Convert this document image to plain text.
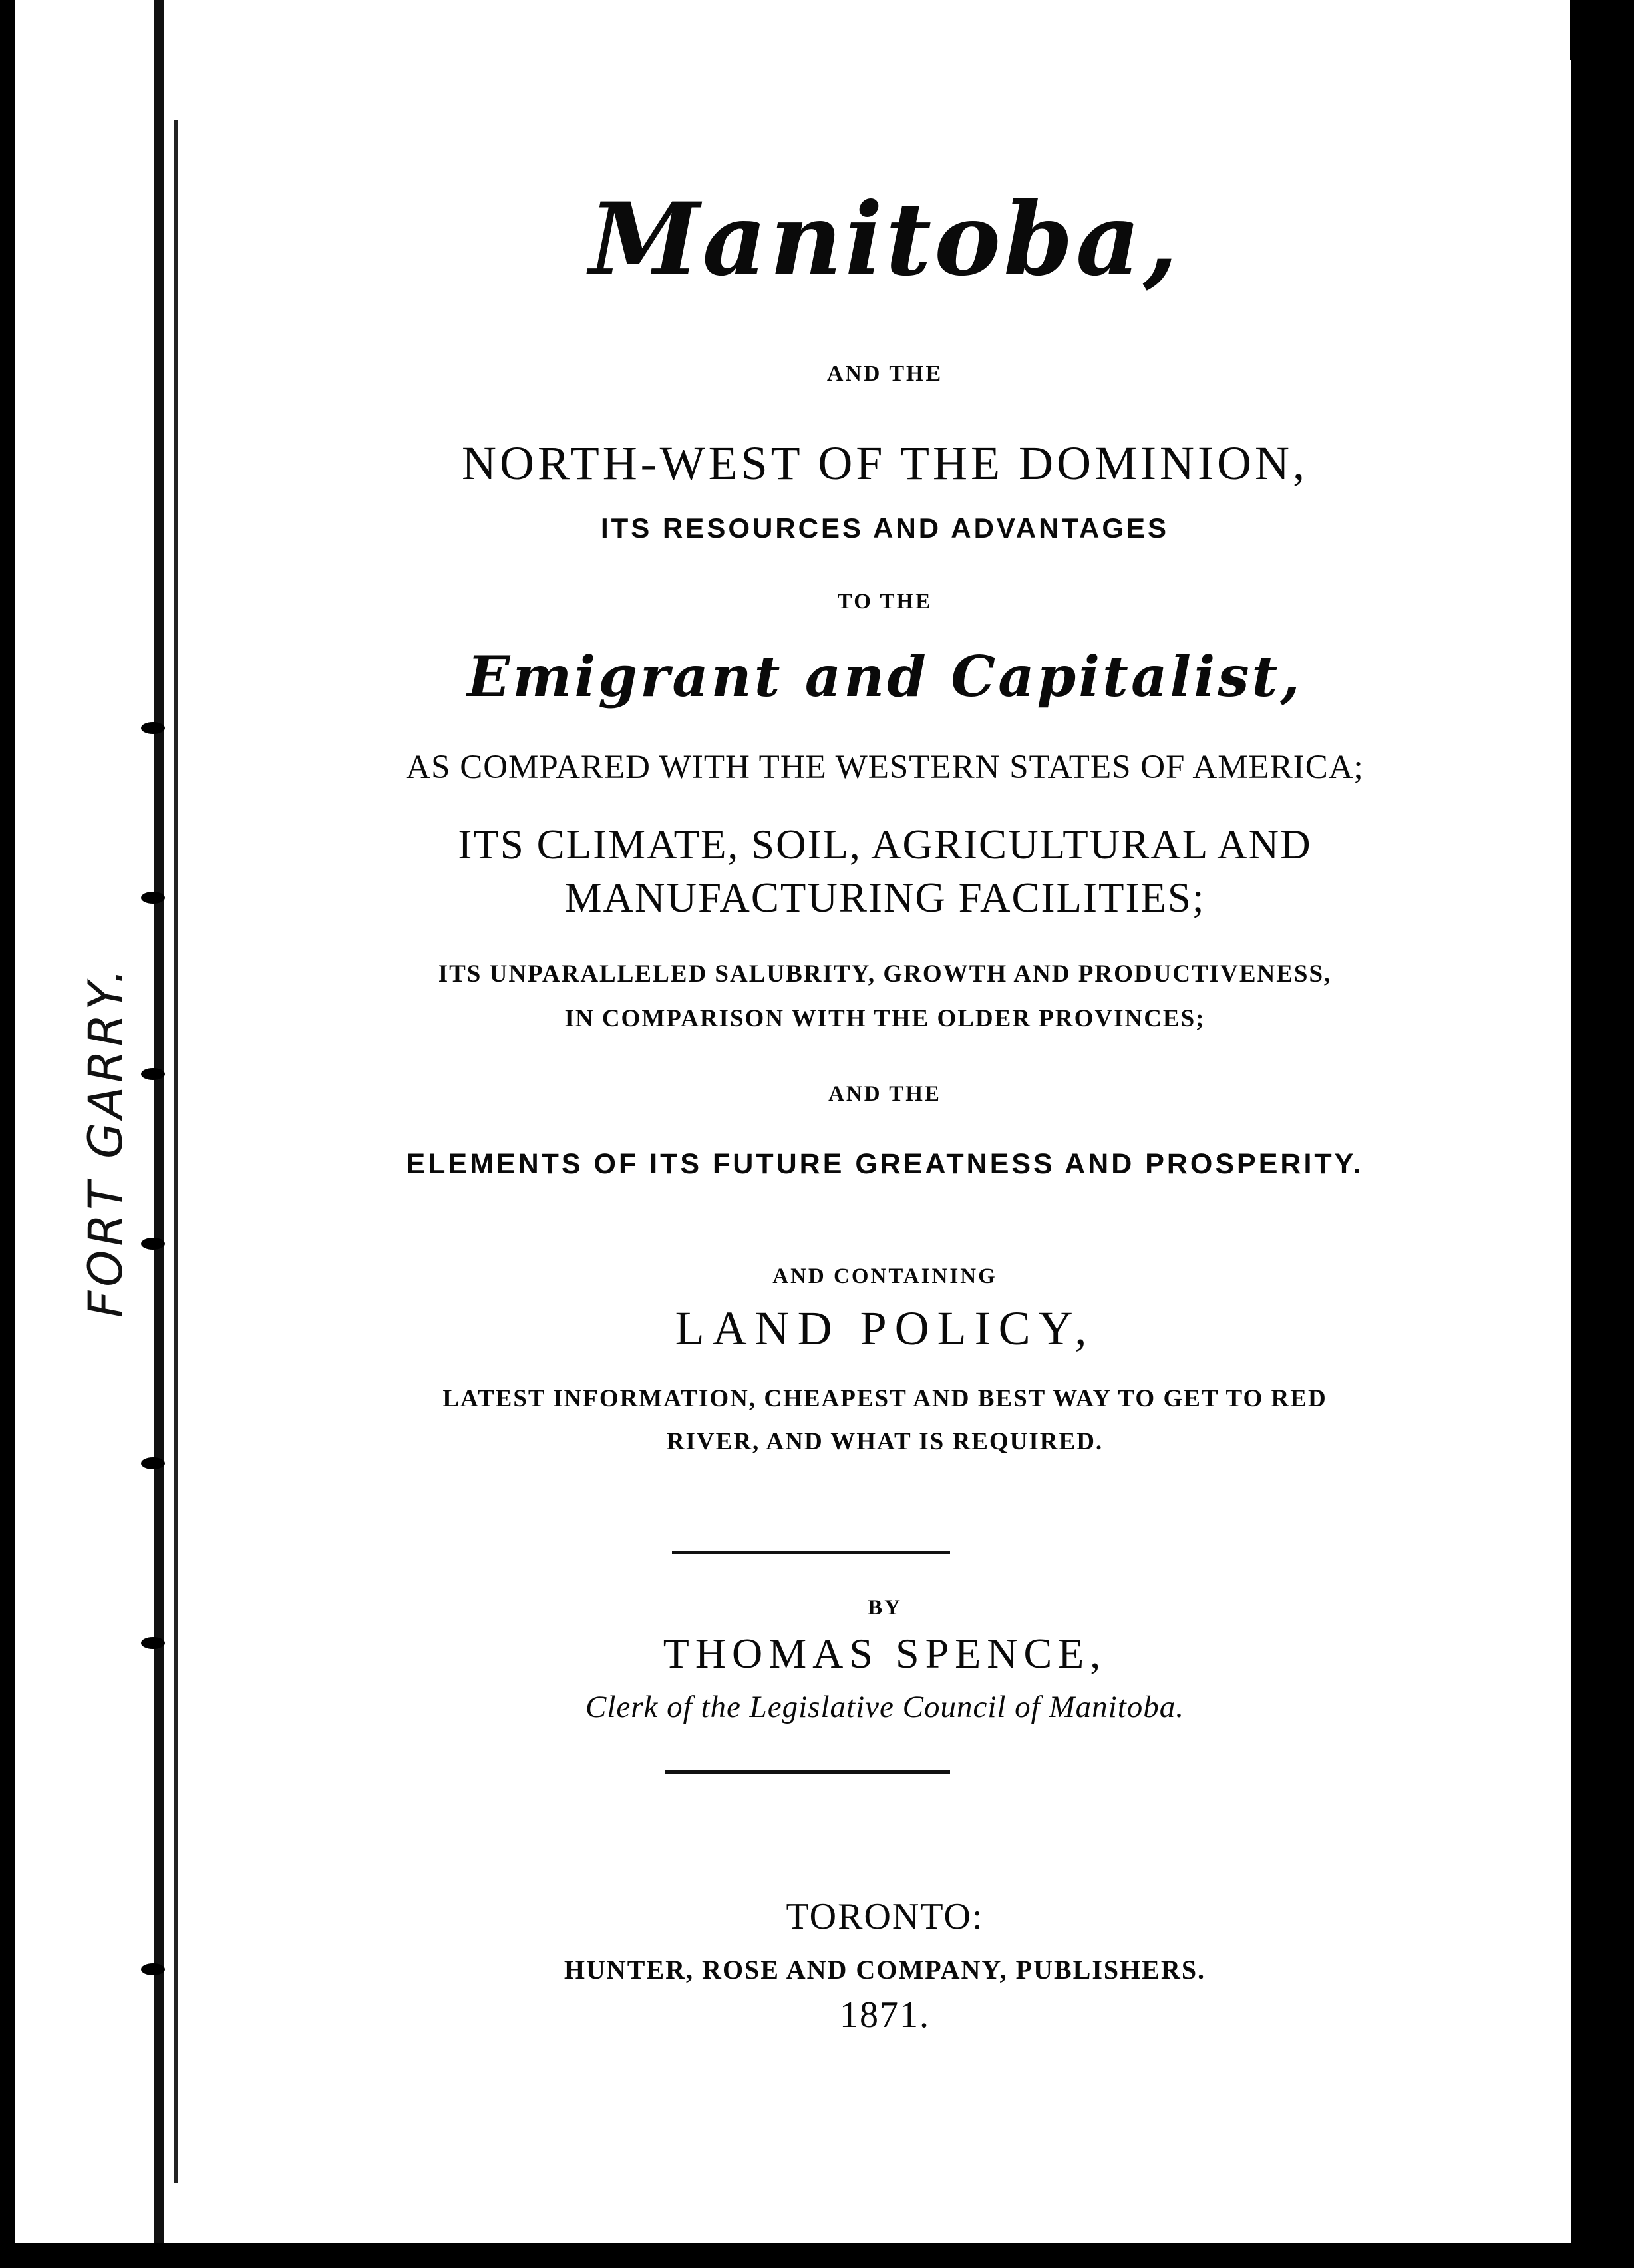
FORT GARRY.
Manitoba,
AND THE
NORTH-WEST OF THE DOMINION,
ITS RESOURCES AND ADVANTAGES
TO THE
Emigrant and Capitalist,
AS COMPARED WITH THE WESTERN STATES OF AMERICA;
ITS CLIMATE, SOIL, AGRICULTURAL AND
MANUFACTURING FACILITIES;
ITS UNPARALLELED SALUBRITY, GROWTH AND PRODUCTIVENESS,
IN COMPARISON WITH THE OLDER PROVINCES;
AND THE
ELEMENTS OF ITS FUTURE GREATNESS AND PROSPERITY.
AND CONTAINING
LAND POLICY,
LATEST INFORMATION, CHEAPEST AND BEST WAY TO GET TO RED
RIVER, AND WHAT IS REQUIRED.
BY
THOMAS SPENCE,
Clerk of the Legislative Council of Manitoba.
TORONTO:
HUNTER, ROSE AND COMPANY, PUBLISHERS.
1871.
